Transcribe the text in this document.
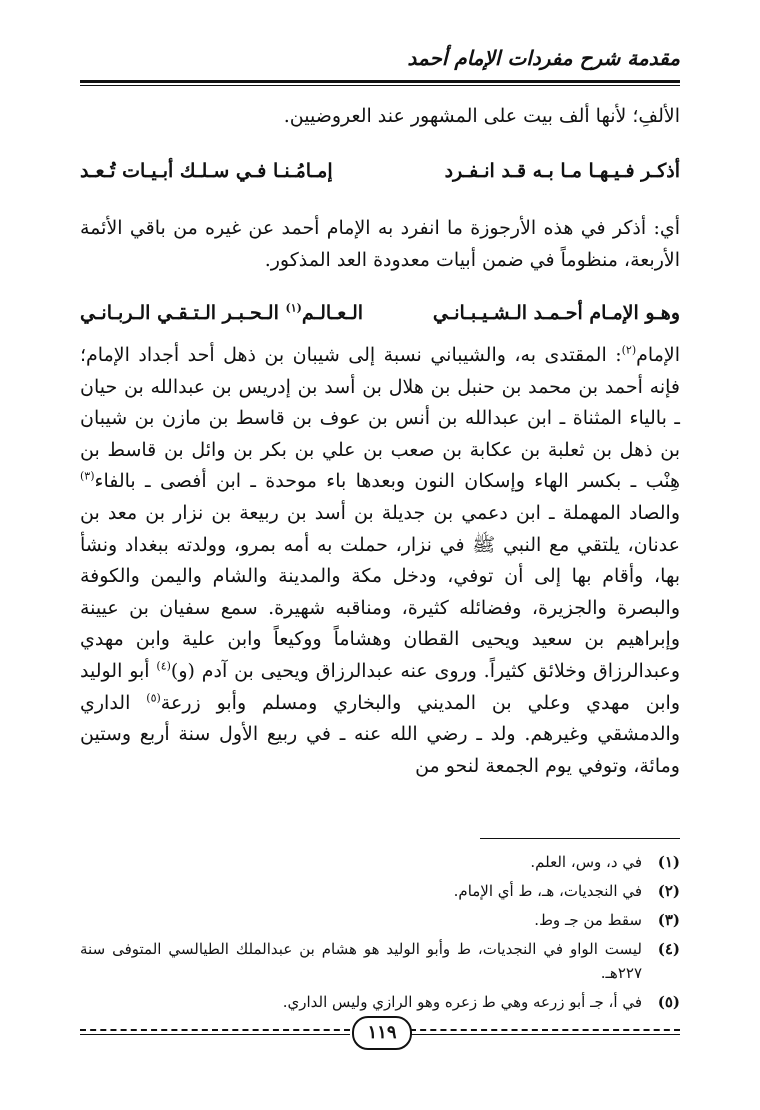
مقدمة شرح مفردات الإمام أحمد
الألفِ؛ لأنها ألف بيت على المشهور عند العروضيين.
أذكـر فـيـهـا مـا بـه قـد انـفـرد
إمـامُـنـا فـي سـلـك أبـيـات تُـعـد
أي: أذكر في هذه الأرجوزة ما انفرد به الإمام أحمد عن غيره من باقي الأئمة الأربعة، منظوماً في ضمن أبيات معدودة العد المذكور.
وهـو الإمـام أحـمـد الـشـيـبـانـي
الـعـالـم$^{(١)}$ الـحـبـر الـتـقـي الـربـانـي
الإمام$^{(٢)}$: المقتدى به، والشيباني نسبة إلى شيبان بن ذهل أحد أجداد الإمام؛ فإنه أحمد بن محمد بن حنبل بن هلال بن أسد بن إدريس بن عبدالله بن حيان ـ بالياء المثناة ـ ابن عبدالله بن أنس بن عوف بن قاسط بن مازن بن شيبان بن ذهل بن ثعلبة بن عكابة بن صعب بن علي بن بكر بن وائل بن قاسط بن هِنْب ـ بكسر الهاء وإسكان النون وبعدها باء موحدة ـ ابن أفصى ـ بالفاء$^{(٣)}$ والصاد المهملة ـ ابن دعمي بن جديلة بن أسد بن ربيعة بن نزار بن معد بن عدنان، يلتقي مع النبي ﷺ في نزار، حملت به أمه بمرو، وولدته ببغداد ونشأ بها، وأقام بها إلى أن توفي، ودخل مكة والمدينة والشام واليمن والكوفة والبصرة والجزيرة، وفضائله كثيرة، ومناقبه شهيرة. سمع سفيان بن عيينة وإبراهيم بن سعيد ويحيى القطان وهشاماً ووكيعاً وابن علية وابن مهدي وعبدالرزاق وخلائق كثيراً. وروى عنه عبدالرزاق ويحيى بن آدم (و)$^{(٤)}$ أبو الوليد وابن مهدي وعلي بن المديني والبخاري ومسلم وأبو زرعة$^{(٥)}$ الداري والدمشقي وغيرهم. ولد ـ رضي الله عنه ـ في ربيع الأول سنة أربع وستين ومائة، وتوفي يوم الجمعة لنحو من
(١)
في د، وس، العلم.
(٢)
في النجديات، هـ، ط أي الإمام.
(٣)
سقط من جـ وط.
(٤)
ليست الواو في النجديات، ط وأبو الوليد هو هشام بن عبدالملك الطيالسي المتوفى سنة ٢٢٧هـ.
(٥)
في أ، جـ أبو زرعه وهي ط زعره وهو الرازي وليس الداري.
١١٩
